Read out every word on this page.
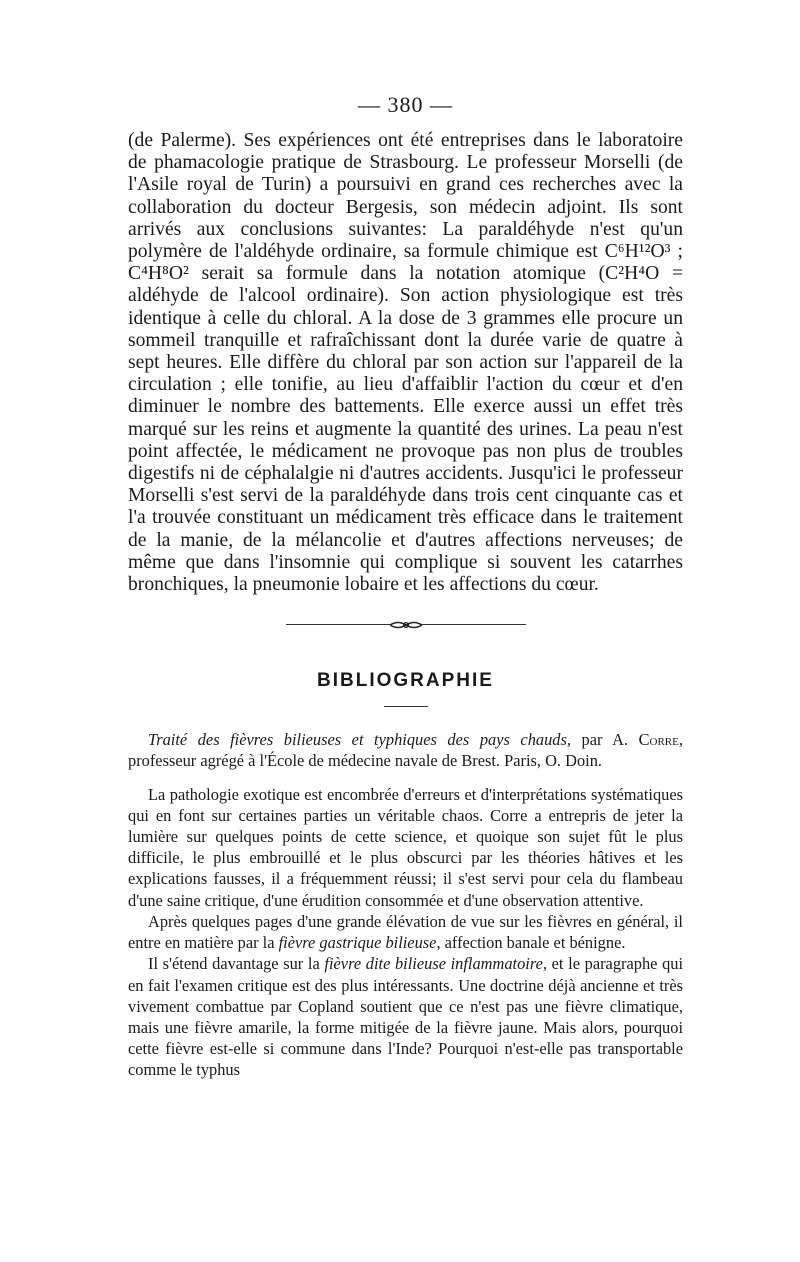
— 380 —

(de Palerme). Ses expériences ont été entreprises dans le laboratoire de phamacologie pratique de Strasbourg. Le professeur Morselli (de l'Asile royal de Turin) a poursuivi en grand ces recherches avec la collaboration du docteur Bergesis, son médecin adjoint. Ils sont arrivés aux conclusions suivantes: La paraldéhyde n'est qu'un polymère de l'aldéhyde ordinaire, sa formule chimique est C⁶H¹²O³ ; C⁴H⁸O² serait sa formule dans la notation atomique (C²H⁴O = aldéhyde de l'alcool ordinaire). Son action physiologique est très identique à celle du chloral. A la dose de 3 grammes elle procure un sommeil tranquille et rafraîchissant dont la durée varie de quatre à sept heures. Elle diffère du chloral par son action sur l'appareil de la circulation ; elle tonifie, au lieu d'affaiblir l'action du cœur et d'en diminuer le nombre des battements. Elle exerce aussi un effet très marqué sur les reins et augmente la quantité des urines. La peau n'est point affectée, le médicament ne provoque pas non plus de troubles digestifs ni de céphalalgie ni d'autres accidents. Jusqu'ici le professeur Morselli s'est servi de la paraldéhyde dans trois cent cinquante cas et l'a trouvée constituant un médicament très efficace dans le traitement de la manie, de la mélancolie et d'autres affections nerveuses; de même que dans l'insomnie qui complique si souvent les catarrhes bronchiques, la pneumonie lobaire et les affections du cœur.

BIBLIOGRAPHIE

Traité des fièvres bilieuses et typhiques des pays chauds, par A. Corre, professeur agrégé à l'École de médecine navale de Brest. Paris, O. Doin.

La pathologie exotique est encombrée d'erreurs et d'interprétations systématiques qui en font sur certaines parties un véritable chaos. Corre a entrepris de jeter la lumière sur quelques points de cette science, et quoique son sujet fût le plus difficile, le plus embrouillé et le plus obscurci par les théories hâtives et les explications fausses, il a fréquemment réussi; il s'est servi pour cela du flambeau d'une saine critique, d'une érudition consommée et d'une observation attentive.

Après quelques pages d'une grande élévation de vue sur les fièvres en général, il entre en matière par la fièvre gastrique bilieuse, affection banale et bénigne.

Il s'étend davantage sur la fièvre dite bilieuse inflammatoire, et le paragraphe qui en fait l'examen critique est des plus intéressants. Une doctrine déjà ancienne et très vivement combattue par Copland soutient que ce n'est pas une fièvre climatique, mais une fièvre amarile, la forme mitigée de la fièvre jaune. Mais alors, pourquoi cette fièvre est-elle si commune dans l'Inde? Pourquoi n'est-elle pas transportable comme le typhus
